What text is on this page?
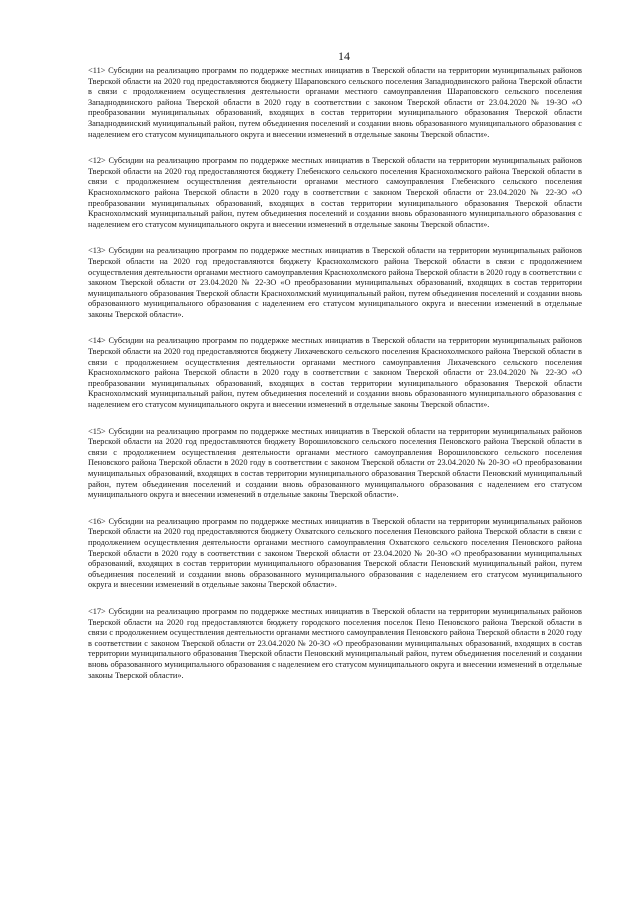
14

<11> Субсидии на реализацию программ по поддержке местных инициатив в Тверской области на территории муниципальных районов Тверской области на 2020 год предоставляются бюджету Шараповского сельского поселения Западнодвинского района Тверской области в связи с продолжением осуществления деятельности органами местного самоуправления Шараповского сельского поселения Западнодвинского района Тверской области в 2020 году в соответствии с законом Тверской области от 23.04.2020 № 19-ЗО «О преобразовании муниципальных образований, входящих в состав территории муниципального образования Тверской области Западнодвинский муниципальный район, путем объединения поселений и создании вновь образованного муниципального образования с наделением его статусом муниципального округа и внесении изменений в отдельные законы Тверской области».

<12> Субсидии на реализацию программ по поддержке местных инициатив в Тверской области на территории муниципальных районов Тверской области на 2020 год предоставляются бюджету Глебенского сельского поселения Краснохолмского района Тверской области в связи с продолжением осуществления деятельности органами местного самоуправления Глебенского сельского поселения Краснохолмского района Тверской области в 2020 году в соответствии с законом Тверской области от 23.04.2020 № 22-ЗО «О преобразовании муниципальных образований, входящих в состав территории муниципального образования Тверской области Краснохолмский муниципальный район, путем объединения поселений и создании вновь образованного муниципального образования с наделением его статусом муниципального округа и внесении изменений в отдельные законы Тверской области».

<13> Субсидии на реализацию программ по поддержке местных инициатив в Тверской области на территории муниципальных районов Тверской области на 2020 год предоставляются бюджету Краснохолмского района Тверской области в связи с продолжением осуществления деятельности органами местного самоуправления Краснохолмского района Тверской области в 2020 году в соответствии с законом Тверской области от 23.04.2020 № 22-ЗО «О преобразовании муниципальных образований, входящих в состав территории муниципального образования Тверской области Краснохолмский муниципальный район, путем объединения поселений и создании вновь образованного муниципального образования с наделением его статусом муниципального округа и внесении изменений в отдельные законы Тверской области».

<14> Субсидии на реализацию программ по поддержке местных инициатив в Тверской области на территории муниципальных районов Тверской области на 2020 год предоставляются бюджету Лихачевского сельского поселения Краснохолмского района Тверской области в связи с продолжением осуществления деятельности органами местного самоуправления Лихачевского сельского поселения Краснохолмского района Тверской области в 2020 году в соответствии с законом Тверской области от 23.04.2020 № 22-ЗО «О преобразовании муниципальных образований, входящих в состав территории муниципального образования Тверской области Краснохолмский муниципальный район, путем объединения поселений и создании вновь образованного муниципального образования с наделением его статусом муниципального округа и внесении изменений в отдельные законы Тверской области».

<15> Субсидии на реализацию программ по поддержке местных инициатив в Тверской области на территории муниципальных районов Тверской области на 2020 год предоставляются бюджету Ворошиловского сельского поселения Пеновского района Тверской области в связи с продолжением осуществления деятельности органами местного самоуправления Ворошиловского сельского поселения Пеновского района Тверской области в 2020 году в соответствии с законом Тверской области от 23.04.2020 № 20-ЗО «О преобразовании муниципальных образований, входящих в состав территории муниципального образования Тверской области Пеновский муниципальный район, путем объединения поселений и создании вновь образованного муниципального образования с наделением его статусом муниципального округа и внесении изменений в отдельные законы Тверской области».

<16> Субсидии на реализацию программ по поддержке местных инициатив в Тверской области на территории муниципальных районов Тверской области на 2020 год предоставляются бюджету Охватского сельского поселения Пеновского района Тверской области в связи с продолжением осуществления деятельности органами местного самоуправления Охватского сельского поселения Пеновского района Тверской области в 2020 году в соответствии с законом Тверской области от 23.04.2020 № 20-ЗО «О преобразовании муниципальных образований, входящих в состав территории муниципального образования Тверской области Пеновский муниципальный район, путем объединения поселений и создании вновь образованного муниципального образования с наделением его статусом муниципального округа и внесении изменений в отдельные законы Тверской области».

<17> Субсидии на реализацию программ по поддержке местных инициатив в Тверской области на территории муниципальных районов Тверской области на 2020 год предоставляются бюджету городского поселения поселок Пено Пеновского района Тверской области в связи с продолжением осуществления деятельности органами местного самоуправления Пеновского района Тверской области в 2020 году в соответствии с законом Тверской области от 23.04.2020 № 20-ЗО «О преобразовании муниципальных образований, входящих в состав территории муниципального образования Тверской области Пеновский муниципальный район, путем объединения поселений и создании вновь образованного муниципального образования с наделением его статусом муниципального округа и внесении изменений в отдельные законы Тверской области».
